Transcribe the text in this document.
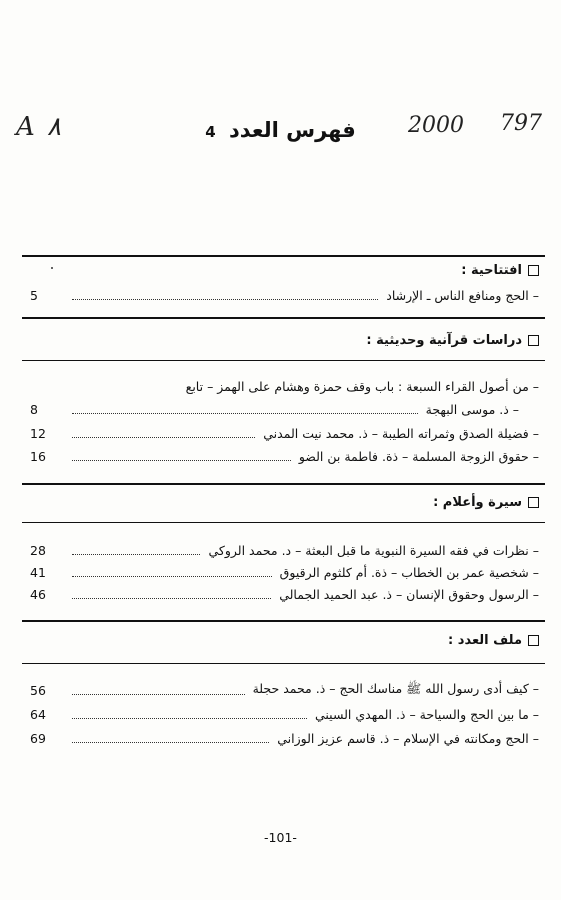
A ۸	2000 797
فهرس العدد 4
افتتاحية :
– الحج ومنافع الناس ـ الإرشاد
5
دراسات قرآنية وحديثية :
– من أصول القراء السبعة : باب وقف حمزة وهشام على الهمز – تابع
– ذ. موسى البهجة
8
– فضيلة الصدق وثمراته الطيبة – ذ. محمد نيت المدني
12
– حقوق الزوجة المسلمة – ذة. فاطمة بن الضو
16
سيرة وأعلام :
– نظرات في فقه السيرة النبوية ما قبل البعثة – د. محمد الروكي
28
– شخصية عمر بن الخطاب – ذة. أم كلثوم الرقيوق
41
– الرسول وحقوق الإنسان – ذ. عبد الحميد الجمالي
46
ملف العدد :
– كيف أدى رسول الله ﷺ مناسك الحج – ذ. محمد حجلة
56
– ما بين الحج والسياحة – ذ. المهدي السيني
64
– الحج ومكانته في الإسلام – ذ. قاسم عزيز الوزاني
69
-101-
